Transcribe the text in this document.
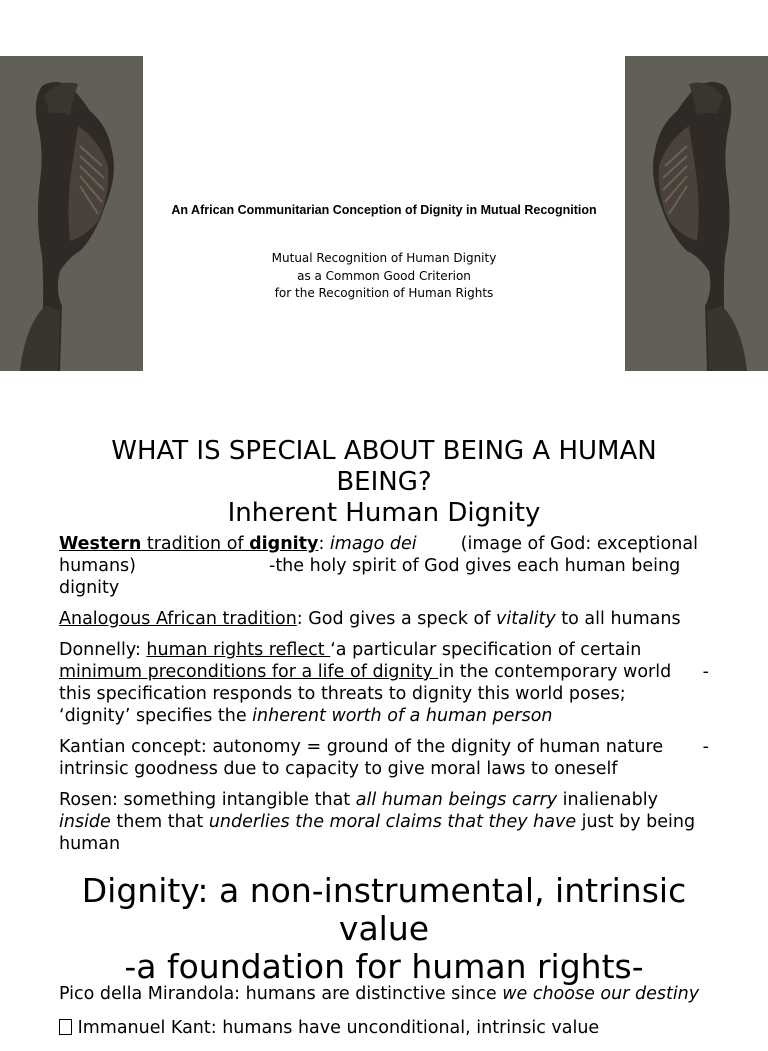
An African Communitarian Conception of Dignity in Mutual Recognition
Mutual Recognition of Human Dignity
as a Common Good Criterion
for the Recognition of Human Rights
WHAT IS SPECIAL ABOUT BEING A HUMAN
BEING?
Inherent Human Dignity

Western tradition of dignity: imago dei	(image of God: exceptional humans)	-the holy spirit of God gives each human being dignity

Analogous African tradition: God gives a speck of vitality to all humans

Donnelly: human rights reflect ‘a particular specification of certain minimum preconditions for a life of dignity in the contemporary world -

this specification responds to threats to dignity this world poses;‘dignity’ specifies the inherent worth of a human person

Kantian concept: autonomy = ground of the dignity of human nature -

intrinsic goodness due to capacity to give moral laws to oneself

Rosen: something intangible that all human beings carry inalienably inside them that underlies the moral claims that they have just by being human

Dignity: a non-instrumental, intrinsic
value
-a foundation for human rights-

Pico della Mirandola: humans are distinctive since we choose our destiny

Immanuel Kant: humans have unconditional, intrinsic value
